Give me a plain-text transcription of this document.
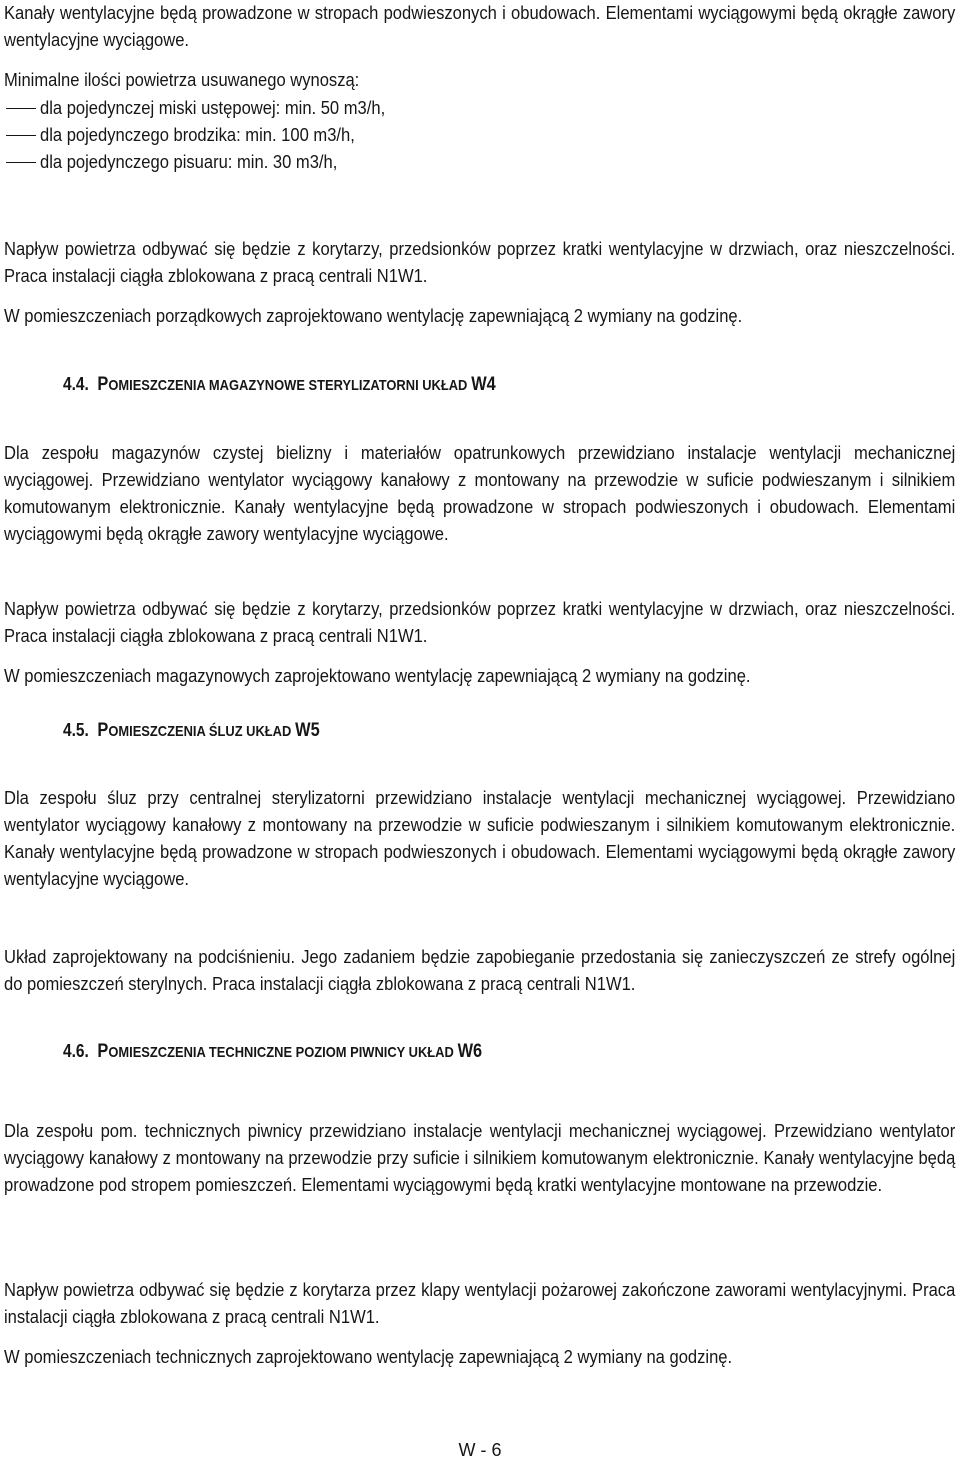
Kanały wentylacyjne będą prowadzone w stropach podwieszonych i obudowach. Elementami wyciągowymi będą okrągłe zawory wentylacyjne wyciągowe.
Minimalne ilości powietrza usuwanego wynoszą:
dla pojedynczej miski ustępowej: min. 50 m3/h,
dla pojedynczego brodzika: min. 100 m3/h,
dla pojedynczego pisuaru: min. 30 m3/h,
Napływ powietrza odbywać się będzie z korytarzy, przedsionków poprzez kratki wentylacyjne w drzwiach, oraz nieszczelności. Praca instalacji ciągła zblokowana z pracą centrali N1W1.
W pomieszczeniach porządkowych zaprojektowano wentylację zapewniającą 2 wymiany na godzinę.
4.4. POMIESZCZENIA MAGAZYNOWE STERYLIZATORNI UKŁAD W4
Dla zespołu magazynów czystej bielizny i materiałów opatrunkowych przewidziano instalacje wentylacji mechanicznej wyciągowej. Przewidziano wentylator wyciągowy kanałowy z montowany na przewodzie w suficie podwieszanym i silnikiem komutowanym elektronicznie. Kanały wentylacyjne będą prowadzone w stropach podwieszonych i obudowach. Elementami wyciągowymi będą okrągłe zawory wentylacyjne wyciągowe.
Napływ powietrza odbywać się będzie z korytarzy, przedsionków poprzez kratki wentylacyjne w drzwiach, oraz nieszczelności. Praca instalacji ciągła zblokowana z pracą centrali N1W1.
W pomieszczeniach magazynowych zaprojektowano wentylację zapewniającą 2 wymiany na godzinę.
4.5. POMIESZCZENIA ŚLUZ UKŁAD W5
Dla zespołu śluz przy centralnej sterylizatorni przewidziano instalacje wentylacji mechanicznej wyciągowej. Przewidziano wentylator wyciągowy kanałowy z montowany na przewodzie w suficie podwieszanym i silnikiem komutowanym elektronicznie. Kanały wentylacyjne będą prowadzone w stropach podwieszonych i obudowach. Elementami wyciągowymi będą okrągłe zawory wentylacyjne wyciągowe.
Układ zaprojektowany na podciśnieniu. Jego zadaniem będzie zapobieganie przedostania się zanieczyszczeń ze strefy ogólnej do pomieszczeń sterylnych. Praca instalacji ciągła zblokowana z pracą centrali N1W1.
4.6. POMIESZCZENIA TECHNICZNE POZIOM PIWNICY UKŁAD W6
Dla zespołu pom. technicznych piwnicy przewidziano instalacje wentylacji mechanicznej wyciągowej. Przewidziano wentylator wyciągowy kanałowy z montowany na przewodzie przy suficie i silnikiem komutowanym elektronicznie. Kanały wentylacyjne będą prowadzone pod stropem pomieszczeń. Elementami wyciągowymi będą kratki wentylacyjne montowane na przewodzie.
Napływ powietrza odbywać się będzie z korytarza przez klapy wentylacji pożarowej zakończone zaworami wentylacyjnymi. Praca instalacji ciągła zblokowana z pracą centrali N1W1.
W pomieszczeniach technicznych zaprojektowano wentylację zapewniającą 2 wymiany na godzinę.
W - 6
